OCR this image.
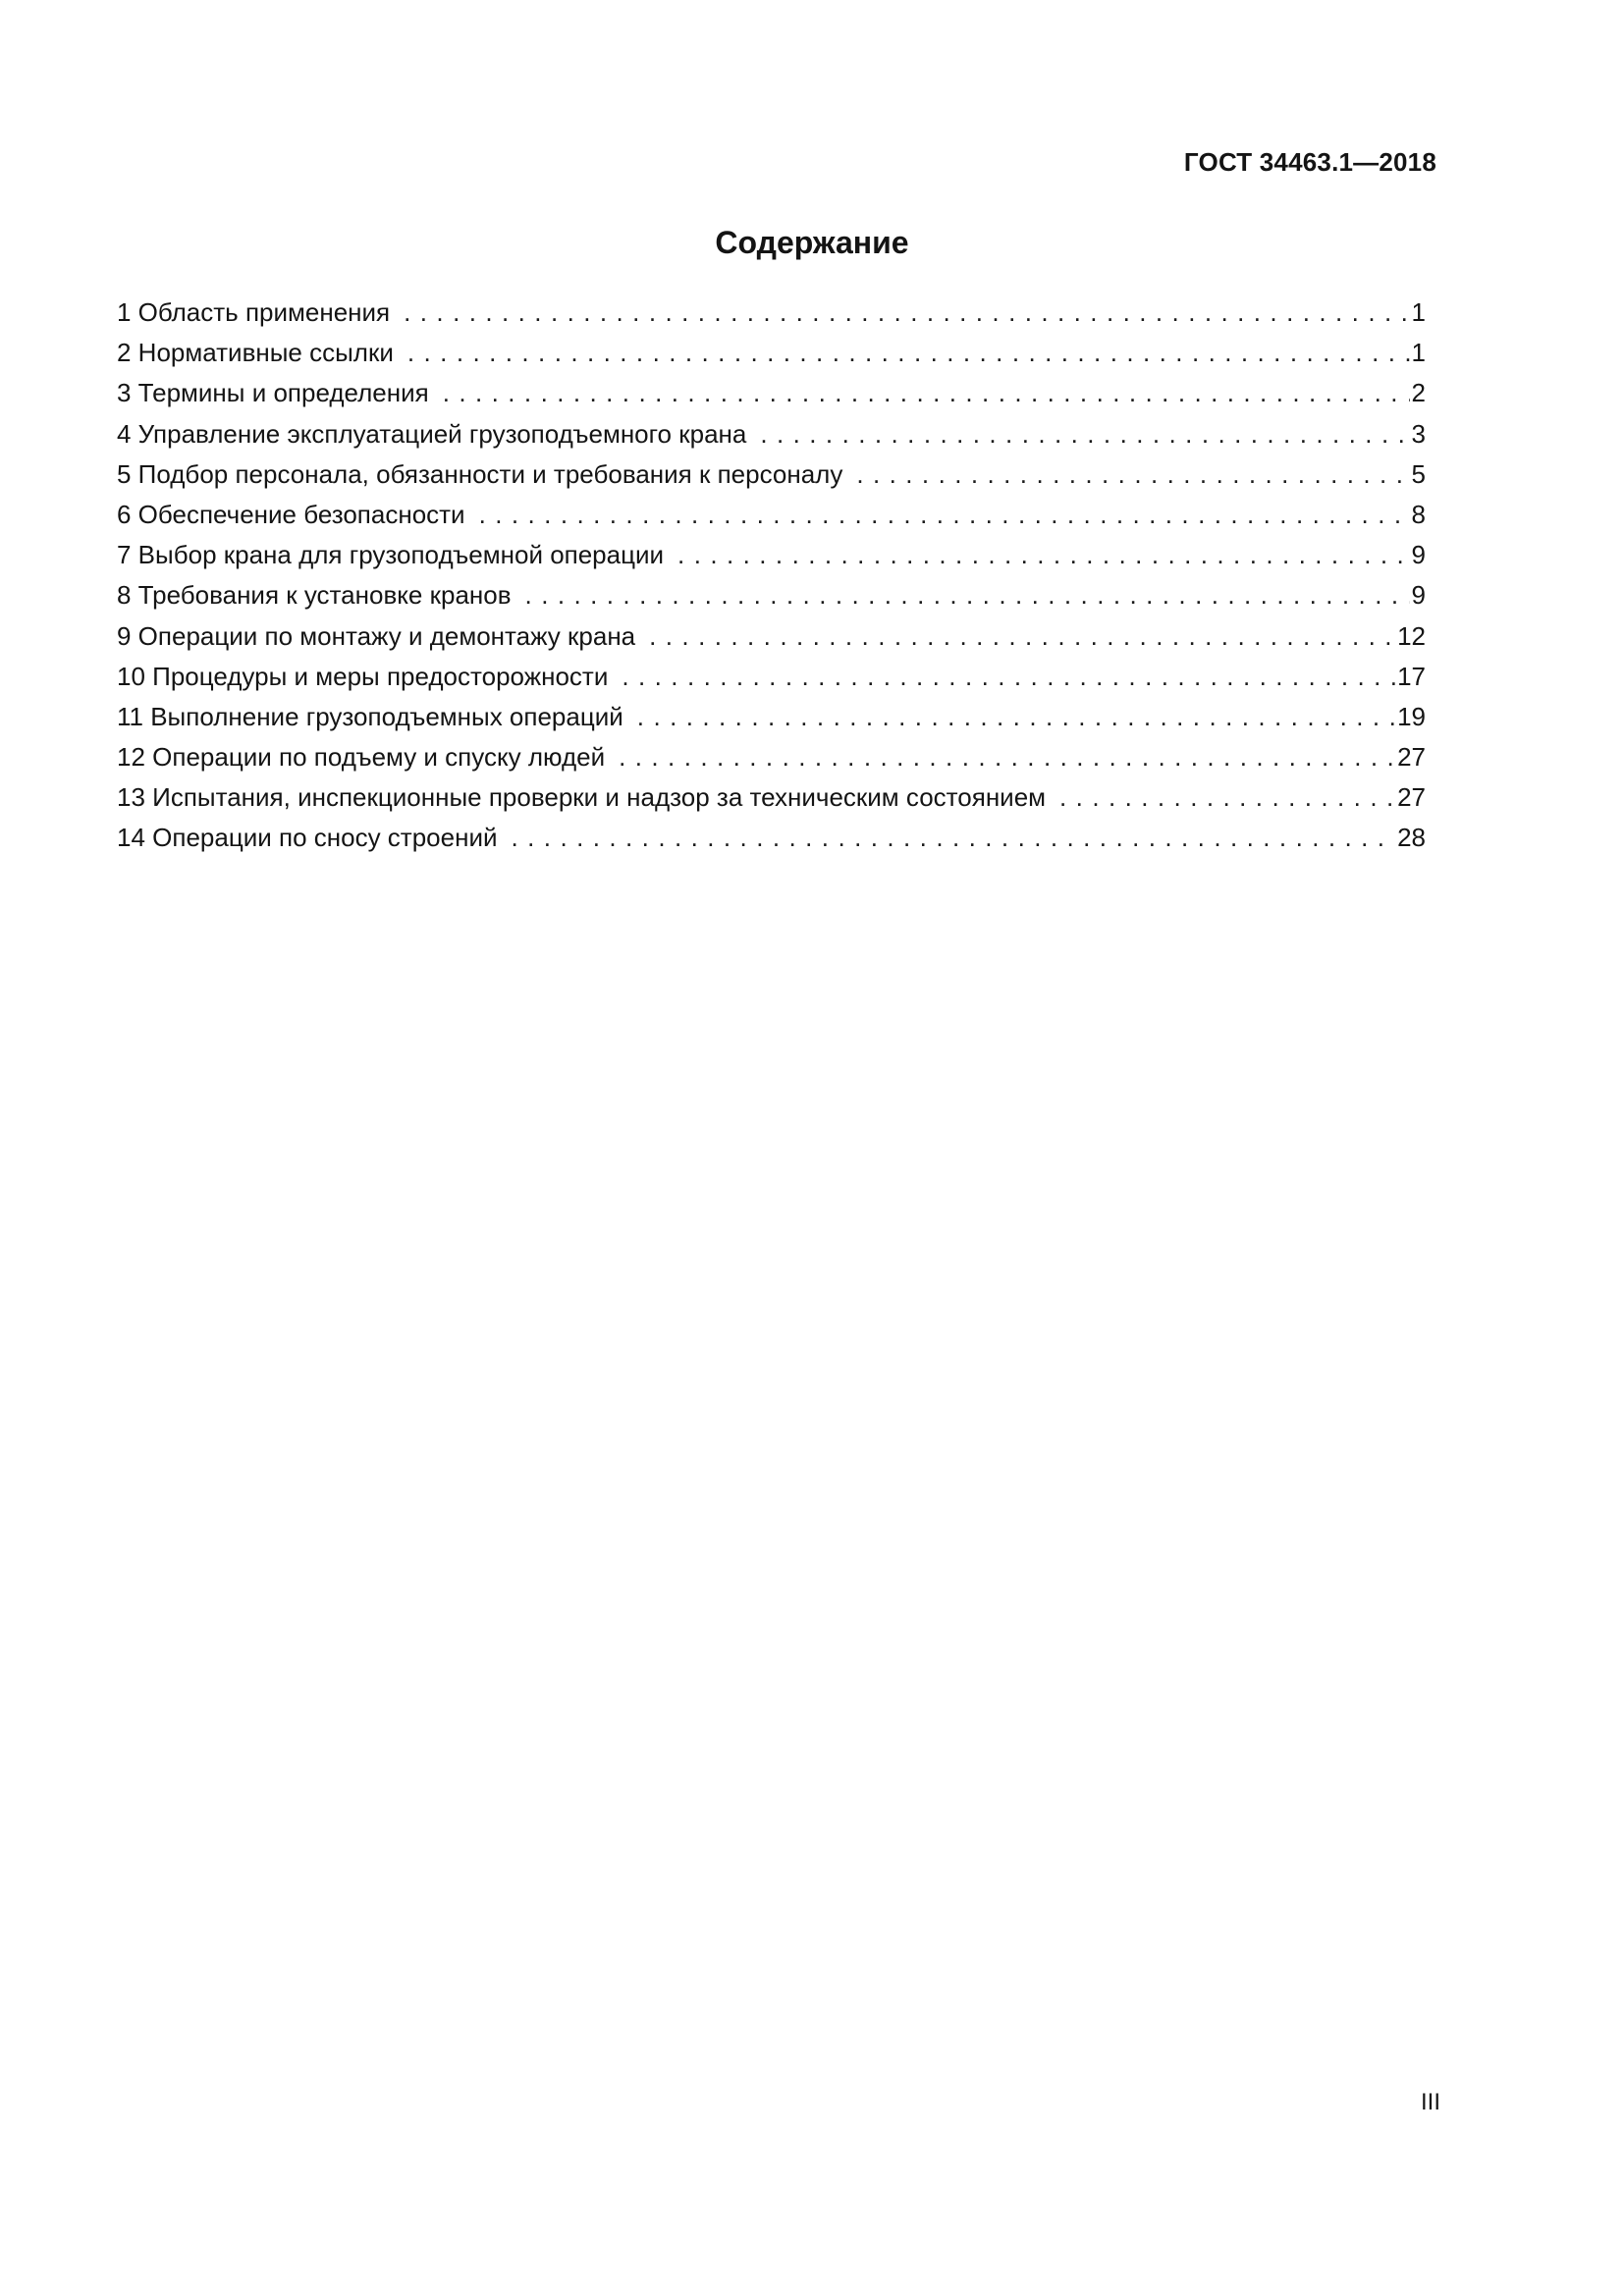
ГОСТ 34463.1—2018
Содержание
1 Область применения . . .	1
2 Нормативные ссылки . . .	1
3 Термины и определения . . .	2
4 Управление эксплуатацией грузоподъемного крана . . .	3
5 Подбор персонала, обязанности и требования к персоналу . . .	5
6 Обеспечение безопасности . . .	8
7 Выбор крана для грузоподъемной операции . . .	9
8 Требования к установке кранов . . .	9
9 Операции по монтажу и демонтажу крана . . .	12
10 Процедуры и меры предосторожности . . .	17
11 Выполнение грузоподъемных операций . . .	19
12 Операции по подъему и спуску людей . . .	27
13 Испытания, инспекционные проверки и надзор за техническим состоянием . . .	27
14 Операции по сносу строений . . .	28
III
